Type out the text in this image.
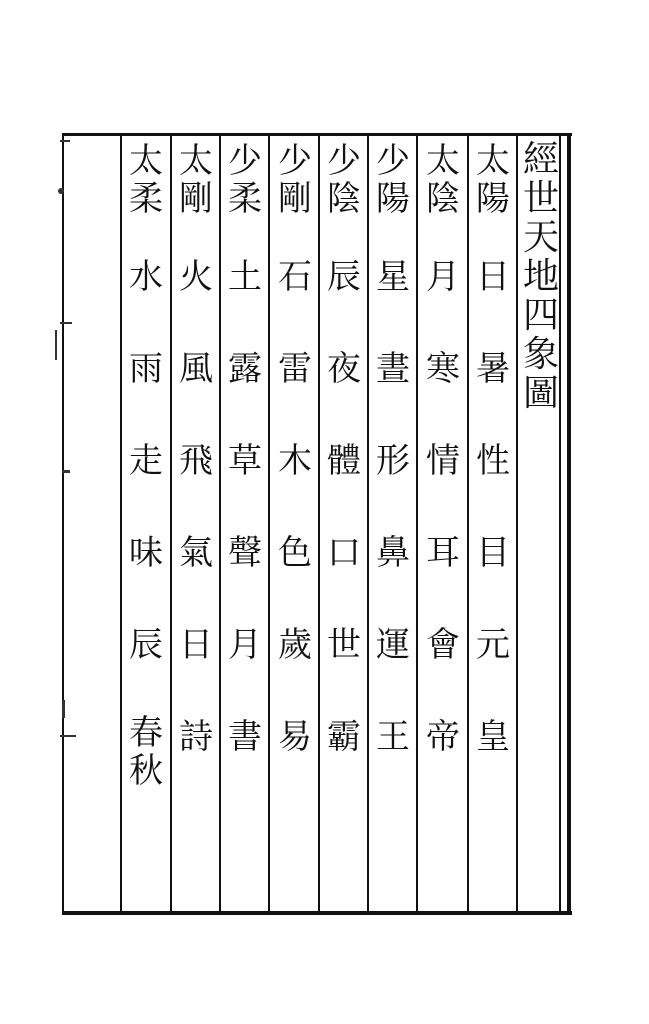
經
世
天
地
四
象
圖
太
陽
日
暑
性
目
元
皇
太
陰
月
寒
情
耳
會
帝
少
陽
星
晝
形
鼻
運
王
少
陰
辰
夜
體
口
世
霸
少
剛
石
雷
木
色
歲
易
少
柔
土
露
草
聲
月
書
太
剛
火
風
飛
氣
日
詩
太
柔
水
雨
走
味
辰
春
秋
